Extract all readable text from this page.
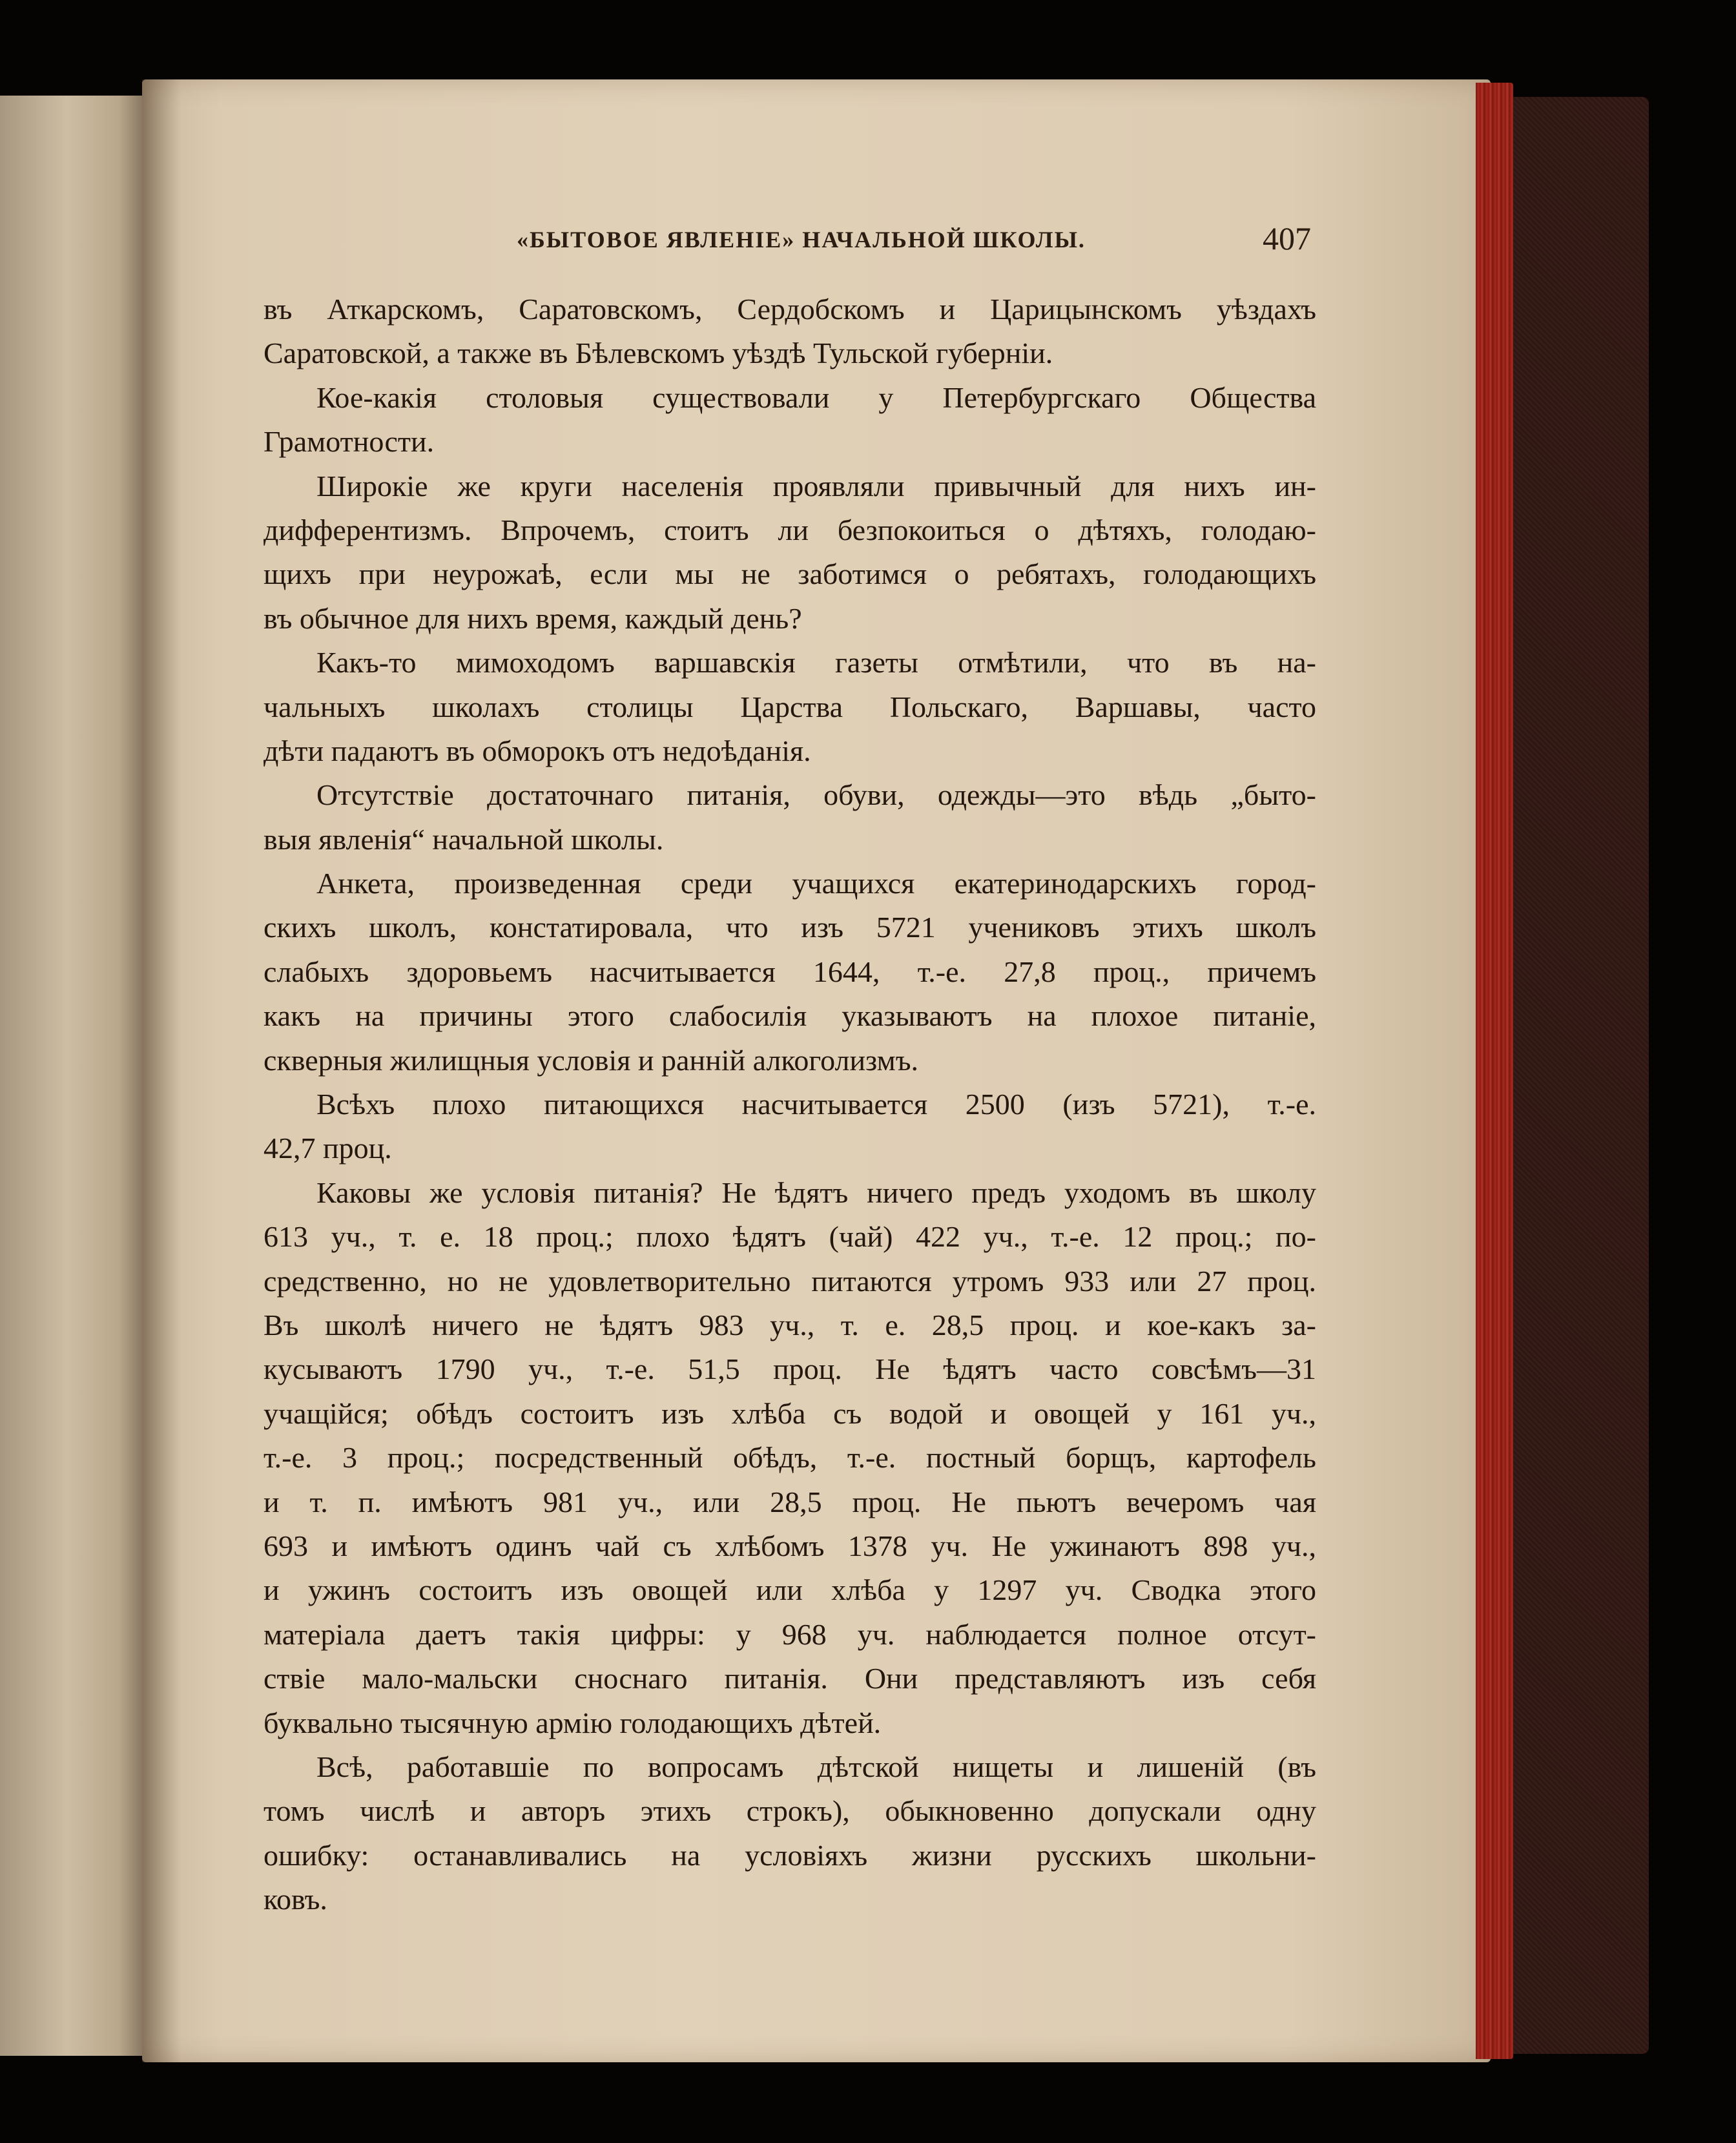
«БЫТОВОЕ ЯВЛЕНІЕ» НАЧАЛЬНОЙ ШКОЛЫ.	407
въ Аткарскомъ, Саратовскомъ, Сердобскомъ и Царицынскомъ уѣздахъ
Саратовской, а также въ Бѣлевскомъ уѣздѣ Тульской губерніи.
Кое-какія столовыя существовали у Петербургскаго Общества
Грамотности.
Широкіе же круги населенія проявляли привычный для нихъ ин-
дифферентизмъ. Впрочемъ, стоитъ ли безпокоиться о дѣтяхъ, голодаю-
щихъ при неурожаѣ, если мы не заботимся о ребятахъ, голодающихъ
въ обычное для нихъ время, каждый день?
Какъ-то мимоходомъ варшавскія газеты отмѣтили, что въ на-
чальныхъ школахъ столицы Царства Польскаго, Варшавы, часто
дѣти падаютъ въ обморокъ отъ недоѣданія.
Отсутствіе достаточнаго питанія, обуви, одежды—это вѣдь „быто-
выя явленія“ начальной школы.
Анкета, произведенная среди учащихся екатеринодарскихъ город-
скихъ школъ, констатировала, что изъ 5721 учениковъ этихъ школъ
слабыхъ здоровьемъ насчитывается 1644, т.-е. 27,8 проц., причемъ
какъ на причины этого слабосилія указываютъ на плохое питаніе,
скверныя жилищныя условія и ранній алкоголизмъ.
Всѣхъ плохо питающихся насчитывается 2500 (изъ 5721), т.-е.
42,7 проц.
Каковы же условія питанія? Не ѣдятъ ничего предъ уходомъ въ школу
613 уч., т. е. 18 проц.; плохо ѣдятъ (чай) 422 уч., т.-е. 12 проц.; по-
средственно, но не удовлетворительно питаются утромъ 933 или 27 проц.
Въ школѣ ничего не ѣдятъ 983 уч., т. е. 28,5 проц. и кое-какъ за-
кусываютъ 1790 уч., т.-е. 51,5 проц. Не ѣдятъ часто совсѣмъ—31
учащійся; обѣдъ состоитъ изъ хлѣба съ водой и овощей у 161 уч.,
т.-е. 3 проц.; посредственный обѣдъ, т.-е. постный борщъ, картофель
и т. п. имѣютъ 981 уч., или 28,5 проц. Не пьютъ вечеромъ чая
693 и имѣютъ одинъ чай съ хлѣбомъ 1378 уч. Не ужинаютъ 898 уч.,
и ужинъ состоитъ изъ овощей или хлѣба у 1297 уч. Сводка этого
матеріала даетъ такія цифры: у 968 уч. наблюдается полное отсут-
ствіе мало-мальски сноснаго питанія. Они представляютъ изъ себя
буквально тысячную армію голодающихъ дѣтей.
Всѣ, работавшіе по вопросамъ дѣтской нищеты и лишеній (въ
томъ числѣ и авторъ этихъ строкъ), обыкновенно допускали одну
ошибку: останавливались на условіяхъ жизни русскихъ школьни-
ковъ.
